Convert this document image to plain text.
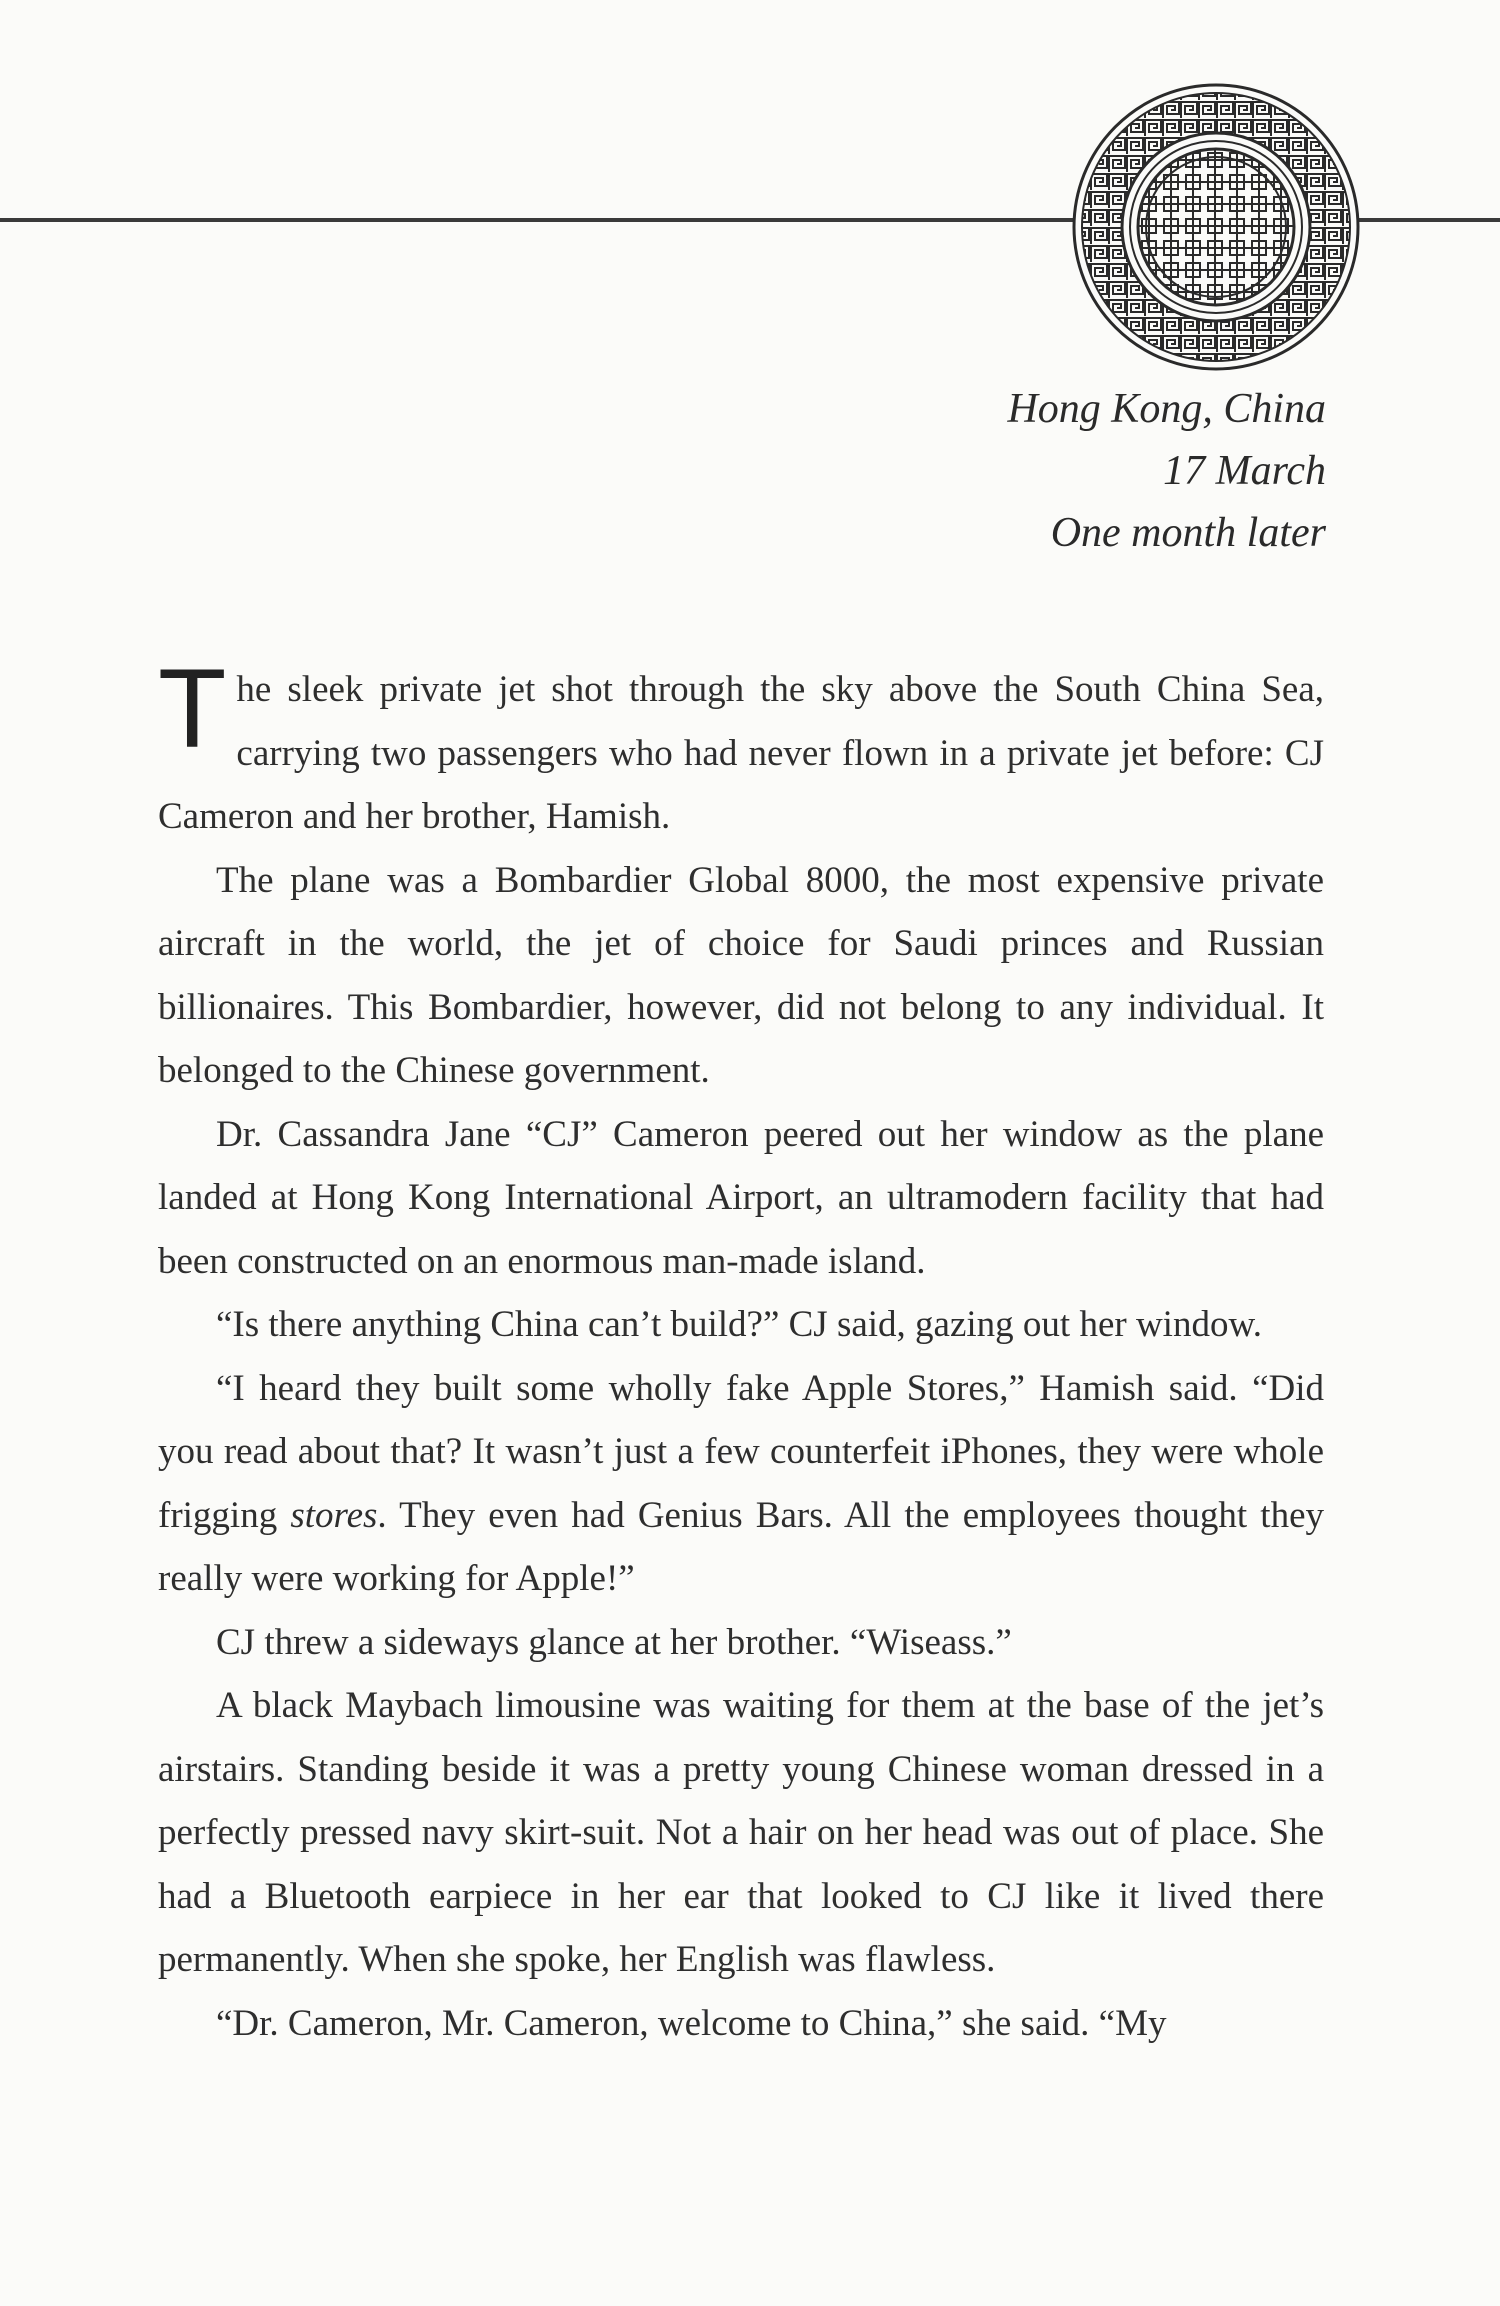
Hong Kong, China
17 March
One month later

The sleek private jet shot through the sky above the South China Sea, carrying two passengers who had never flown in a private jet before: CJ Cameron and her brother, Hamish.

The plane was a Bombardier Global 8000, the most expensive private aircraft in the world, the jet of choice for Saudi princes and Russian billionaires. This Bombardier, however, did not belong to any individual. It belonged to the Chinese government.

Dr. Cassandra Jane “CJ” Cameron peered out her window as the plane landed at Hong Kong International Airport, an ultramodern facility that had been constructed on an enormous man-made island.

“Is there anything China can’t build?” CJ said, gazing out her window.

“I heard they built some wholly fake Apple Stores,” Hamish said. “Did you read about that? It wasn’t just a few counterfeit iPhones, they were whole frigging stores. They even had Genius Bars. All the employees thought they really were working for Apple!”

CJ threw a sideways glance at her brother. “Wiseass.”

A black Maybach limousine was waiting for them at the base of the jet’s airstairs. Standing beside it was a pretty young Chinese woman dressed in a perfectly pressed navy skirt-suit. Not a hair on her head was out of place. She had a Bluetooth earpiece in her ear that looked to CJ like it lived there permanently. When she spoke, her English was flawless.

“Dr. Cameron, Mr. Cameron, welcome to China,” she said. “My
